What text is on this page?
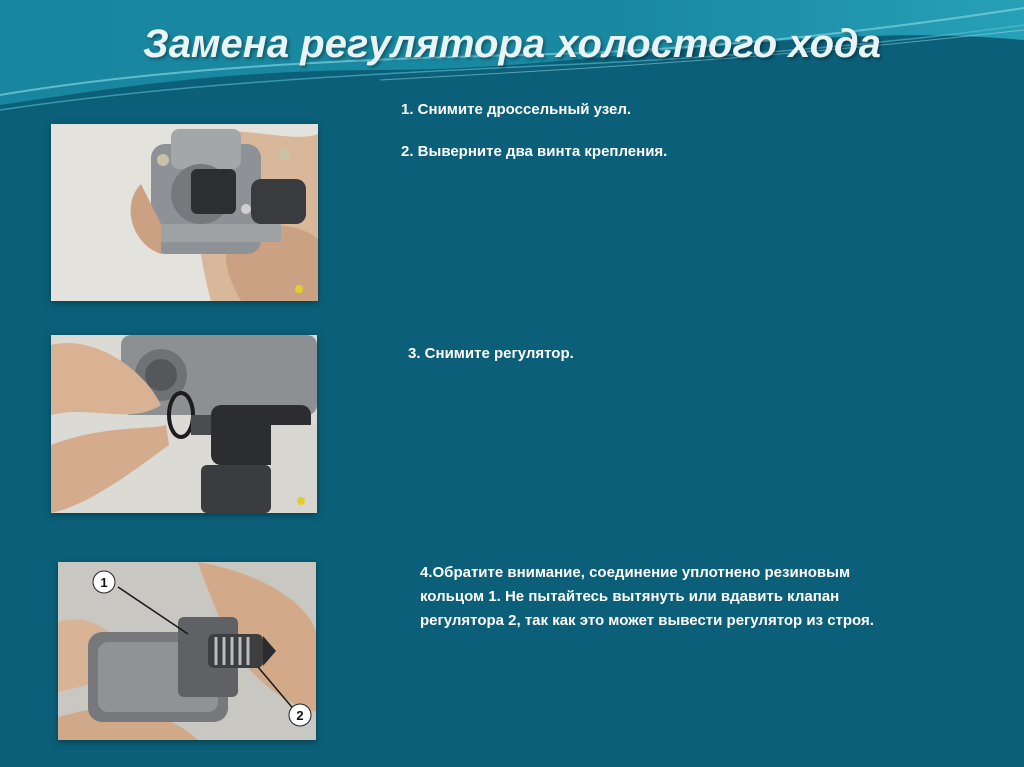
Замена регулятора холостого хода
1
2
1. Снимите дроссельный узел.
2. Выверните два винта крепления.
3. Снимите регулятор.
4.Обратите внимание, соединение уплотнено резиновым кольцом 1. Не пытайтесь вытянуть или вдавить клапан регулятора 2, так как это может вывести регулятор из строя.
